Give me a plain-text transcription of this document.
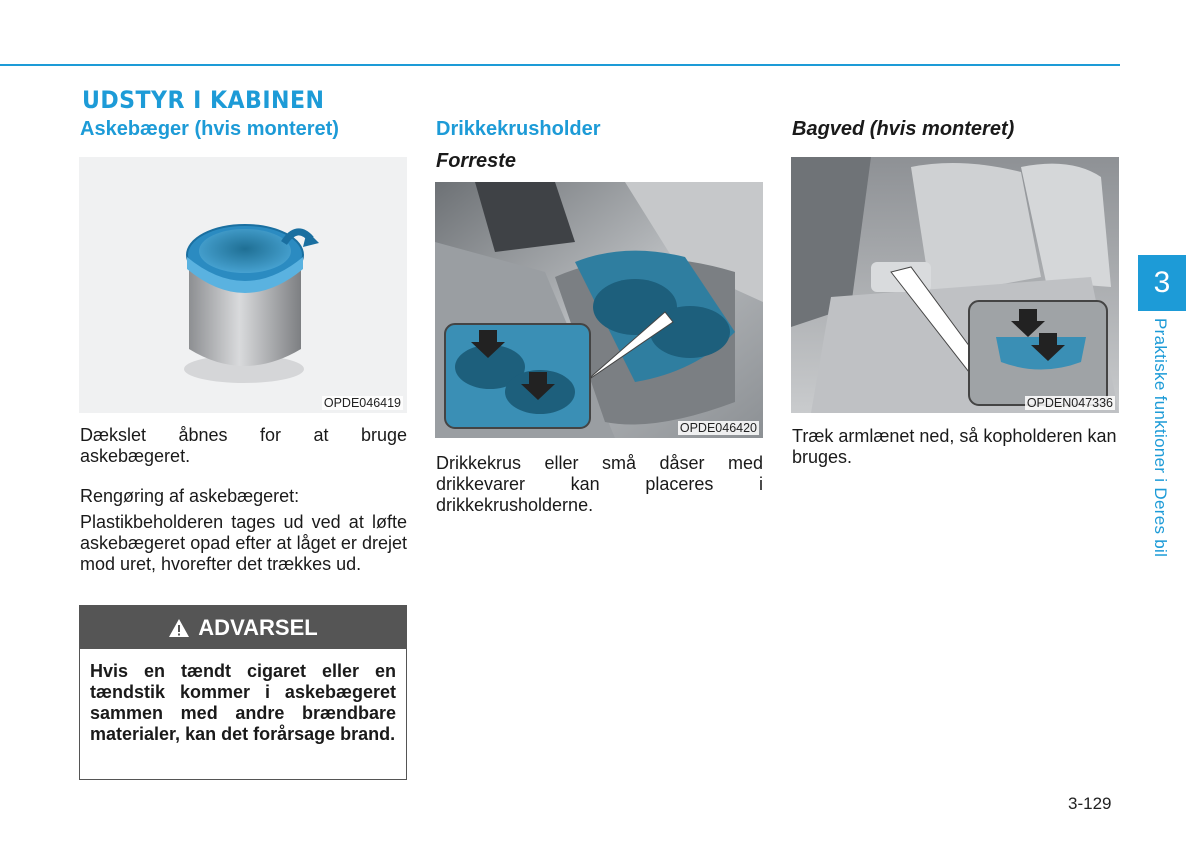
UDSTYR I KABINEN
Askebæger (hvis monteret)
OPDE046419
Dækslet åbnes for at bruge askebægeret.
Rengøring af askebægeret:
Plastikbeholderen tages ud ved at løfte askebægeret opad efter at låget er drejet mod uret, hvorefter det trækkes ud.
ADVARSEL
Hvis en tændt cigaret eller en tændstik kommer i askebægeret sammen med andre brændbare materialer, kan det forårsage brand.
Drikkekrusholder
Forreste
OPDE046420
Drikkekrus eller små dåser med drikkevarer kan placeres i drikkekrusholderne.
Bagved (hvis monteret)
OPDEN047336
Træk armlænet ned, så kopholderen kan bruges.
3
Praktiske funktioner i Deres bil
3-129
